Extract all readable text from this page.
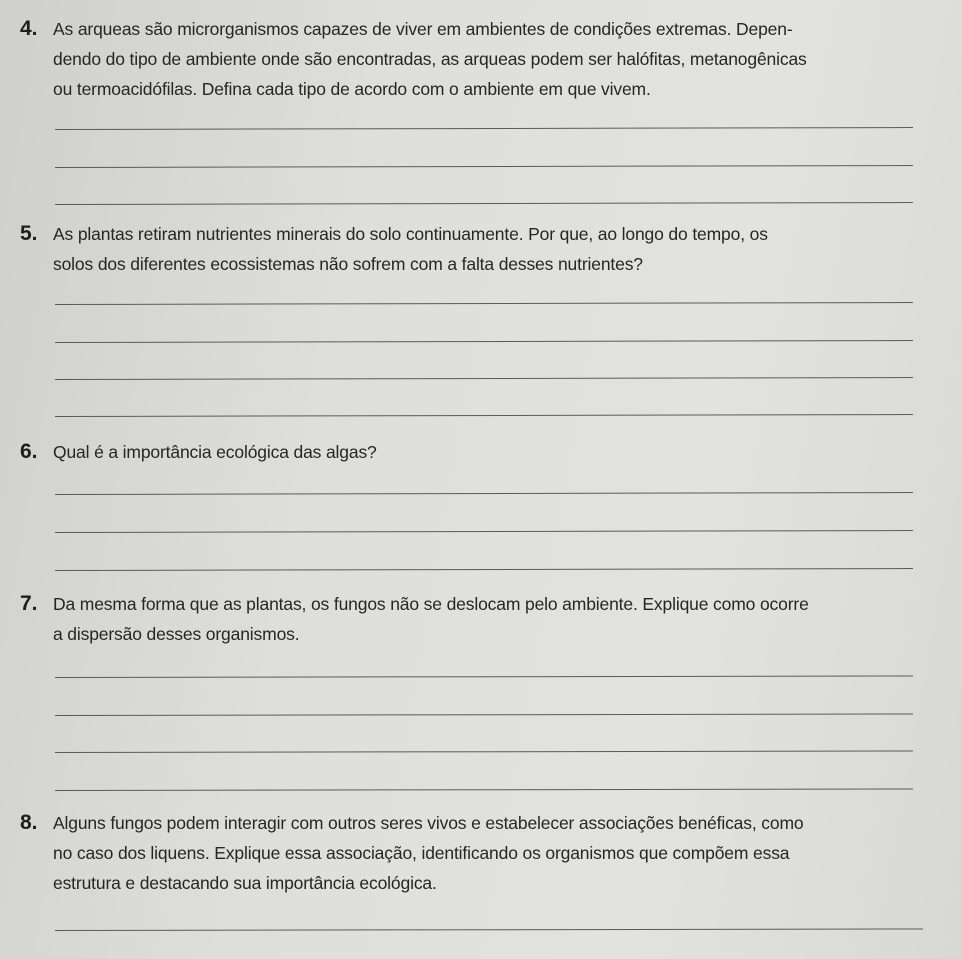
4. As arqueas são microrganismos capazes de viver em ambientes de condições extremas. Depen-
dendo do tipo de ambiente onde são encontradas, as arqueas podem ser halófitas, metanogênicas
ou termoacidófilas. Defina cada tipo de acordo com o ambiente em que vivem.
5. As plantas retiram nutrientes minerais do solo continuamente. Por que, ao longo do tempo, os
solos dos diferentes ecossistemas não sofrem com a falta desses nutrientes?
6. Qual é a importância ecológica das algas?
7. Da mesma forma que as plantas, os fungos não se deslocam pelo ambiente. Explique como ocorre
a dispersão desses organismos.
8. Alguns fungos podem interagir com outros seres vivos e estabelecer associações benéficas, como
no caso dos liquens. Explique essa associação, identificando os organismos que compõem essa
estrutura e destacando sua importância ecológica.
